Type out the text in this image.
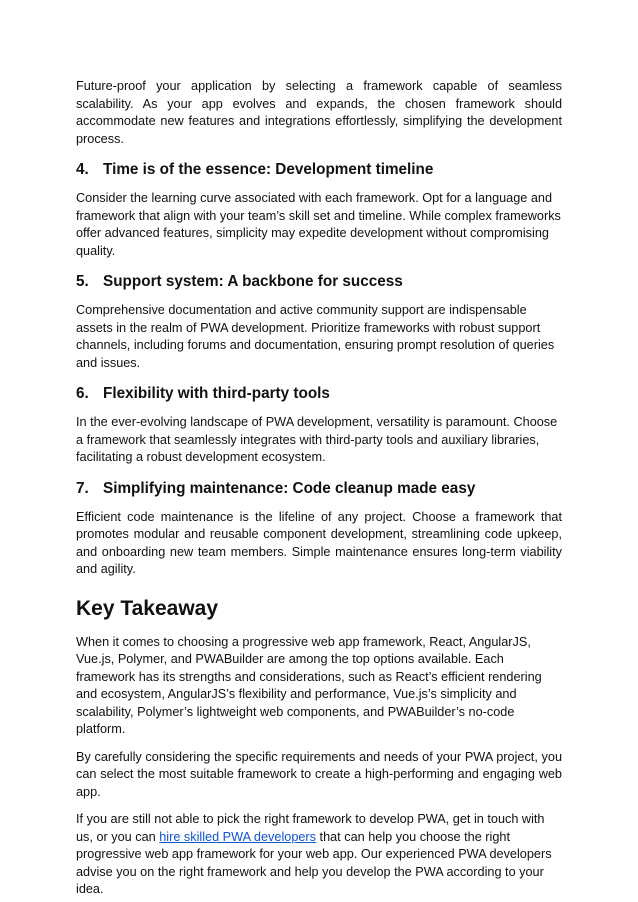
Future-proof your application by selecting a framework capable of seamless scalability. As your app evolves and expands, the chosen framework should accommodate new features and integrations effortlessly, simplifying the development process.

4. Time is of the essence: Development timeline

Consider the learning curve associated with each framework. Opt for a language and framework that align with your team’s skill set and timeline. While complex frameworks offer advanced features, simplicity may expedite development without compromising quality.

5. Support system: A backbone for success

Comprehensive documentation and active community support are indispensable assets in the realm of PWA development. Prioritize frameworks with robust support channels, including forums and documentation, ensuring prompt resolution of queries and issues.

6. Flexibility with third-party tools

In the ever-evolving landscape of PWA development, versatility is paramount. Choose a framework that seamlessly integrates with third-party tools and auxiliary libraries, facilitating a robust development ecosystem.

7. Simplifying maintenance: Code cleanup made easy

Efficient code maintenance is the lifeline of any project. Choose a framework that promotes modular and reusable component development, streamlining code upkeep, and onboarding new team members. Simple maintenance ensures long-term viability and agility.

Key Takeaway

When it comes to choosing a progressive web app framework, React, AngularJS, Vue.js, Polymer, and PWABuilder are among the top options available. Each framework has its strengths and considerations, such as React’s efficient rendering and ecosystem, AngularJS’s flexibility and performance, Vue.js’s simplicity and scalability, Polymer’s lightweight web components, and PWABuilder’s no-code platform.

By carefully considering the specific requirements and needs of your PWA project, you can select the most suitable framework to create a high-performing and engaging web app.

If you are still not able to pick the right framework to develop PWA, get in touch with us, or you can hire skilled PWA developers that can help you choose the right progressive web app framework for your web app. Our experienced PWA developers advise you on the right framework and help you develop the PWA according to your idea.
